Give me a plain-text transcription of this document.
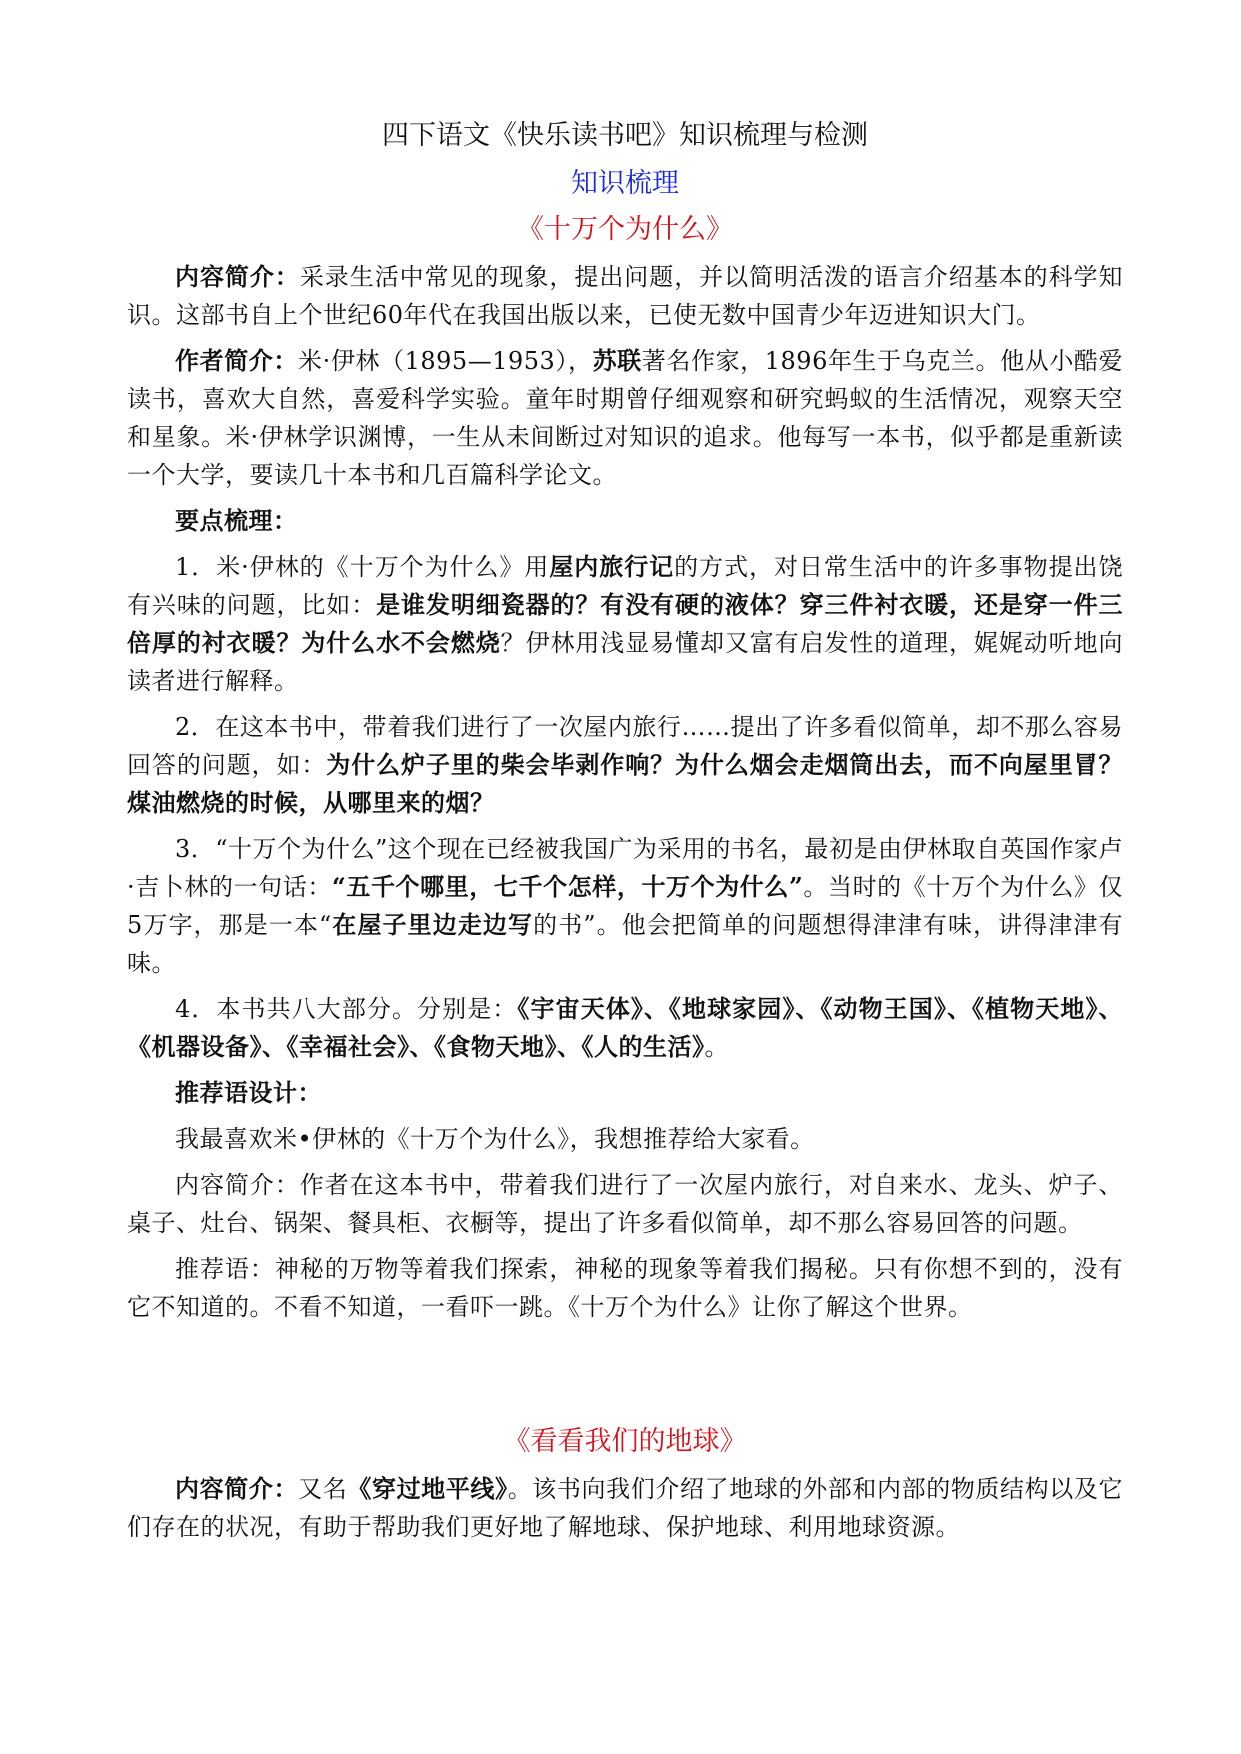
四下语文《快乐读书吧》知识梳理与检测
知识梳理
《十万个为什么》

内容简介：采录生活中常见的现象，提出问题，并以简明活泼的语言介绍基本的科学知识。这部书自上个世纪60年代在我国出版以来，已使无数中国青少年迈进知识大门。

作者简介：米·伊林（1895—1953），苏联著名作家，1896年生于乌克兰。他从小酷爱读书，喜欢大自然，喜爱科学实验。童年时期曾仔细观察和研究蚂蚁的生活情况，观察天空和星象。米·伊林学识渊博，一生从未间断过对知识的追求。他每写一本书，似乎都是重新读一个大学，要读几十本书和几百篇科学论文。

要点梳理：

1．米·伊林的《十万个为什么》用屋内旅行记的方式，对日常生活中的许多事物提出饶有兴味的问题，比如：是谁发明细瓷器的？有没有硬的液体？穿三件衬衣暖，还是穿一件三倍厚的衬衣暖？为什么水不会燃烧？伊林用浅显易懂却又富有启发性的道理，娓娓动听地向读者进行解释。

2．在这本书中，带着我们进行了一次屋内旅行……提出了许多看似简单，却不那么容易回答的问题，如：为什么炉子里的柴会毕剥作响？为什么烟会走烟筒出去，而不向屋里冒？煤油燃烧的时候，从哪里来的烟？

3．“十万个为什么”这个现在已经被我国广为采用的书名，最初是由伊林取自英国作家卢·吉卜林的一句话：“五千个哪里，七千个怎样，十万个为什么”。当时的《十万个为什么》仅5万字，那是一本“在屋子里边走边写的书”。他会把简单的问题想得津津有味，讲得津津有味。

4．本书共八大部分。分别是：《宇宙天体》、《地球家园》、《动物王国》、《植物天地》、《机器设备》、《幸福社会》、《食物天地》、《人的生活》。

推荐语设计：

我最喜欢米•伊林的《十万个为什么》，我想推荐给大家看。

内容简介：作者在这本书中，带着我们进行了一次屋内旅行，对自来水、龙头、炉子、桌子、灶台、锅架、餐具柜、衣橱等，提出了许多看似简单，却不那么容易回答的问题。

推荐语：神秘的万物等着我们探索，神秘的现象等着我们揭秘。只有你想不到的，没有它不知道的。不看不知道，一看吓一跳。《十万个为什么》让你了解这个世界。

《看看我们的地球》

内容简介：又名《穿过地平线》。该书向我们介绍了地球的外部和内部的物质结构以及它们存在的状况，有助于帮助我们更好地了解地球、保护地球、利用地球资源。
